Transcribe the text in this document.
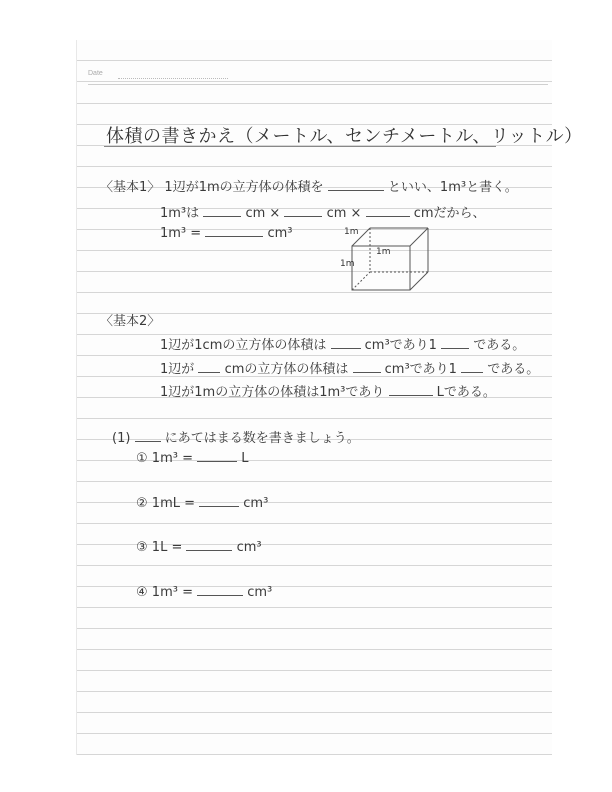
Date
体積の書きかえ（メートル、センチメートル、リットル）
〈基本1〉 1辺が1mの立方体の体積を	といい、1m³と書く。
1m³は	cm ×	cm ×	cmだから、
1m³ =	cm³	1m
1m
1m
〈基本2〉
1辺が1cmの立方体の体積は	cm³であり1	である。
1辺が cmの立方体の体積は	cm³であり1 である。
1辺が1mの立方体の体積は1m³であり	Lである。
(1)	にあてはまる数を書きましょう。
① 1m³ =	L
② 1mL =	cm³
③ 1L =	cm³
④ 1m³ =	cm³
